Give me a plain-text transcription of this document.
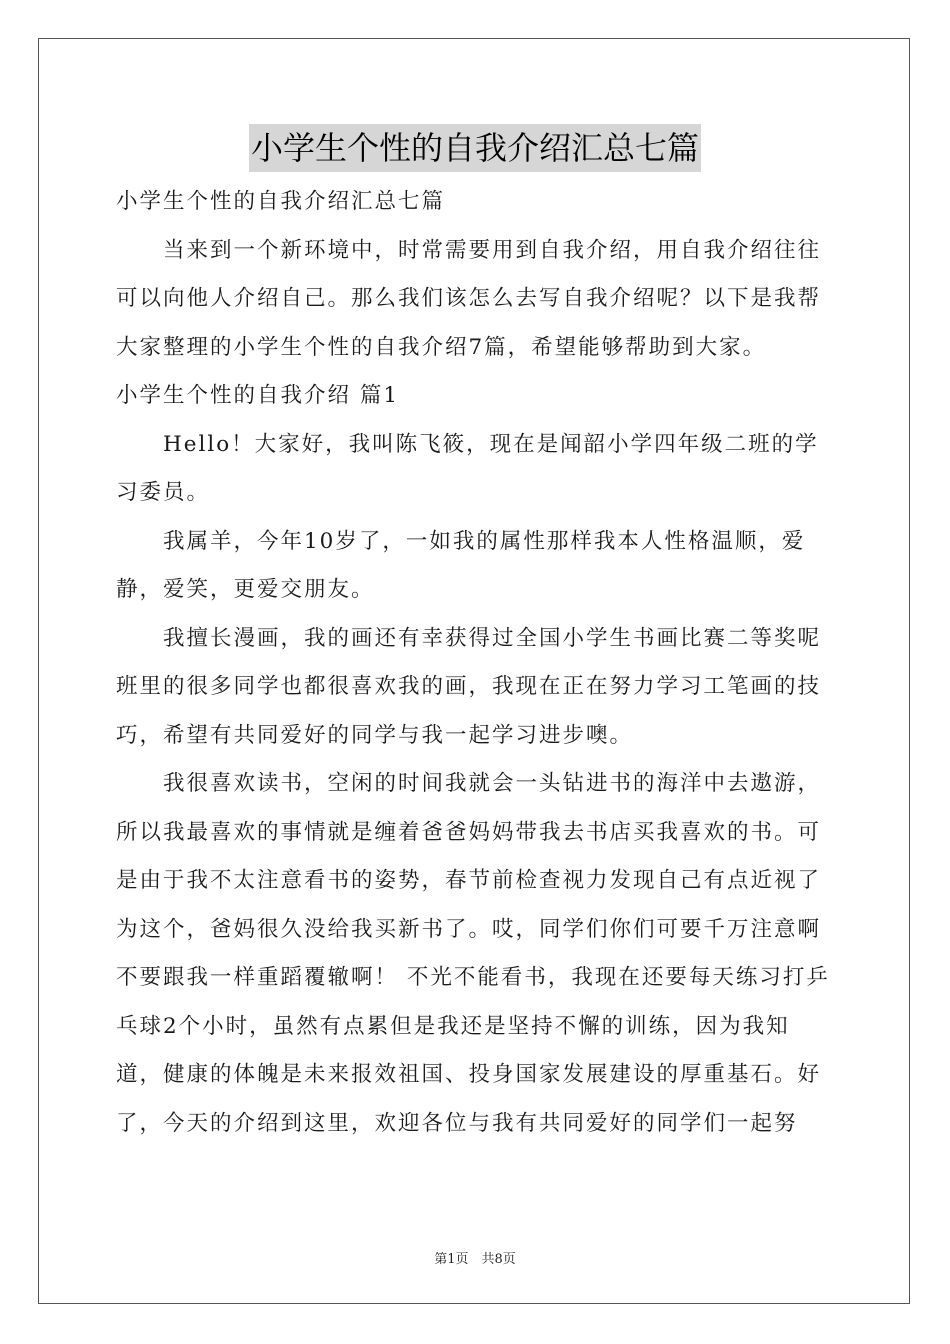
小学生个性的自我介绍汇总七篇

小学生个性的自我介绍汇总七篇

当来到一个新环境中，时常需要用到自我介绍，用自我介绍往往可以向他人介绍自己。那么我们该怎么去写自我介绍呢？以下是我帮大家整理的小学生个性的自我介绍7篇，希望能够帮助到大家。

小学生个性的自我介绍 篇1

Hello！大家好，我叫陈飞筱，现在是闻韶小学四年级二班的学习委员。

我属羊，今年10岁了，一如我的属性那样我本人性格温顺，爱静，爱笑，更爱交朋友。

我擅长漫画，我的画还有幸获得过全国小学生书画比赛二等奖呢班里的很多同学也都很喜欢我的画，我现在正在努力学习工笔画的技巧，希望有共同爱好的同学与我一起学习进步噢。

我很喜欢读书，空闲的时间我就会一头钻进书的海洋中去遨游，所以我最喜欢的事情就是缠着爸爸妈妈带我去书店买我喜欢的书。可是由于我不太注意看书的姿势，春节前检查视力发现自己有点近视了为这个，爸妈很久没给我买新书了。哎，同学们你们可要千万注意啊不要跟我一样重蹈覆辙啊！ 不光不能看书，我现在还要每天练习打乒乓球2个小时，虽然有点累但是我还是坚持不懈的训练，因为我知道，健康的体魄是未来报效祖国、投身国家发展建设的厚重基石。好了，今天的介绍到这里，欢迎各位与我有共同爱好的同学们一起努

第1页　共8页
